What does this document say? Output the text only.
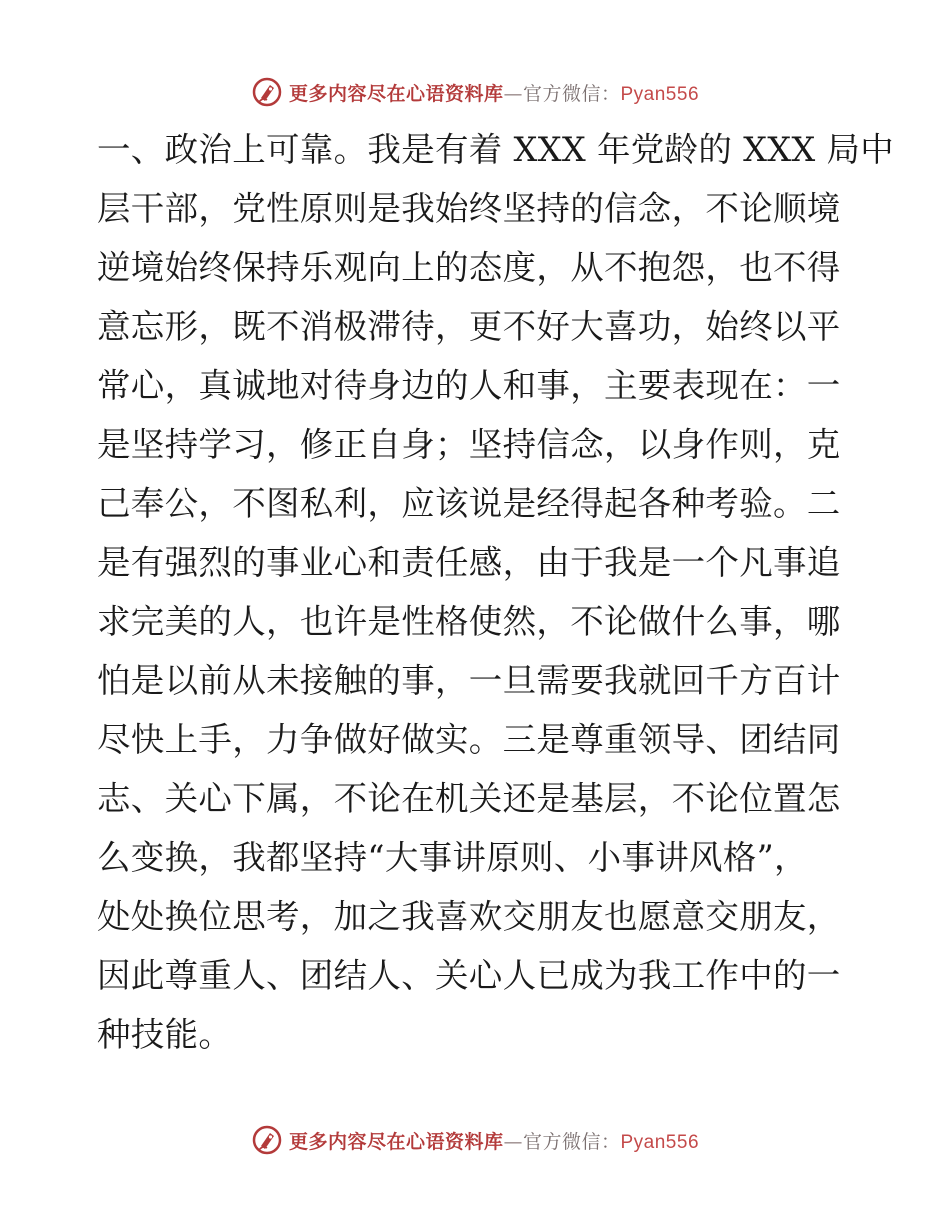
更多内容尽在心语资料库—官方微信：Pyan556
一、政治上可靠。我是有着 XXX 年党龄的 XXX 局中
层干部，党性原则是我始终坚持的信念，不论顺境
逆境始终保持乐观向上的态度，从不抱怨，也不得
意忘形，既不消极滞待，更不好大喜功，始终以平
常心，真诚地对待身边的人和事，主要表现在：一
是坚持学习，修正自身；坚持信念，以身作则，克
己奉公，不图私利，应该说是经得起各种考验。二
是有强烈的事业心和责任感，由于我是一个凡事追
求完美的人，也许是性格使然，不论做什么事，哪
怕是以前从未接触的事，一旦需要我就回千方百计
尽快上手，力争做好做实。三是尊重领导、团结同
志、关心下属，不论在机关还是基层，不论位置怎
么变换，我都坚持“大事讲原则、小事讲风格”，
处处换位思考，加之我喜欢交朋友也愿意交朋友，
因此尊重人、团结人、关心人已成为我工作中的一
种技能。
更多内容尽在心语资料库—官方微信：Pyan556
